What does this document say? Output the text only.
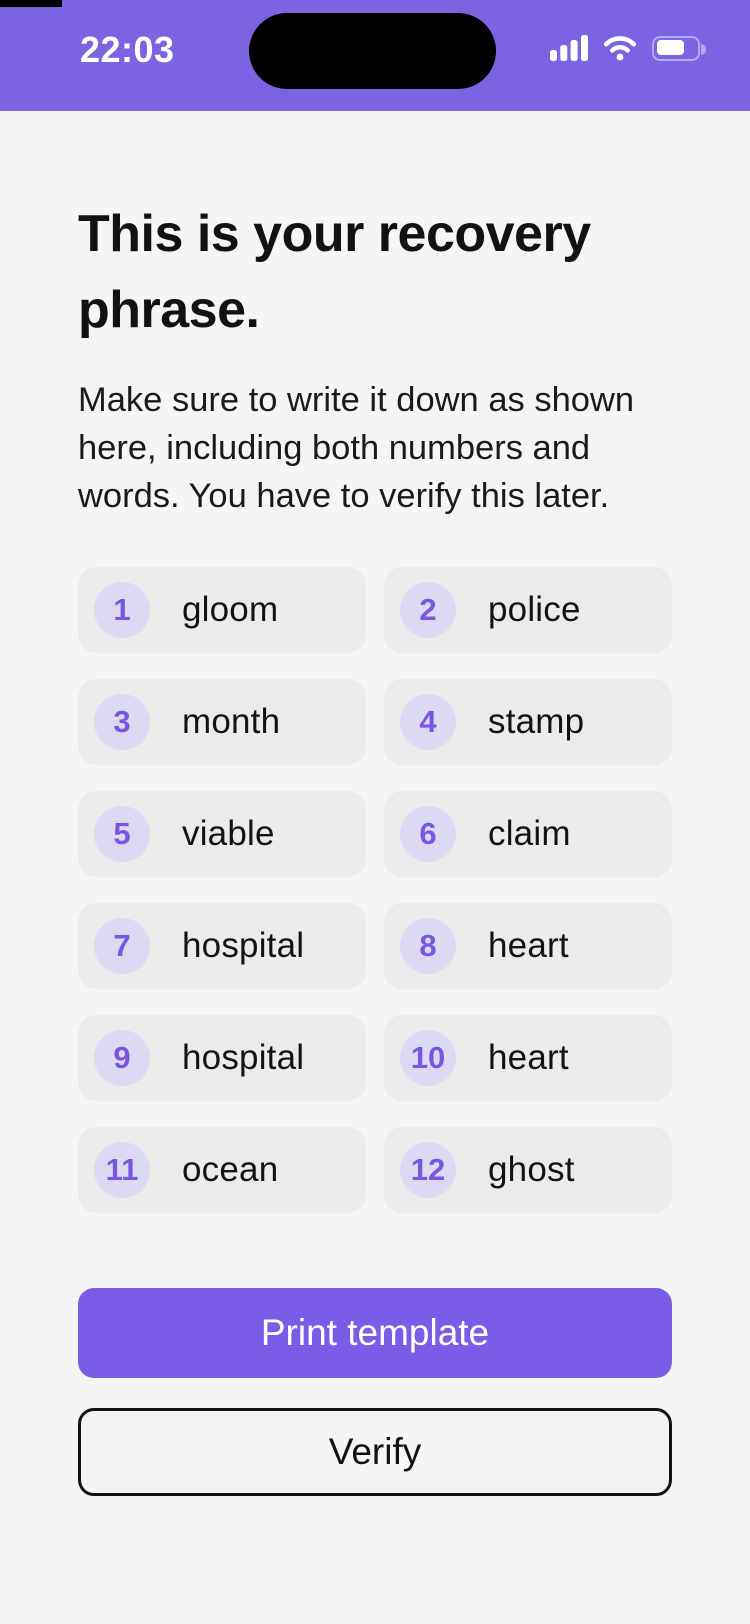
22:03
This is your recovery phrase.

Make sure to write it down as shown here, including both numbers and words. You have to verify this later.

1 gloom	2 police
3 month	4 stamp
5 viable	6 claim
7 hospital	8 heart
9 hospital	10 heart
11 ocean	12 ghost
Print template
Verify
